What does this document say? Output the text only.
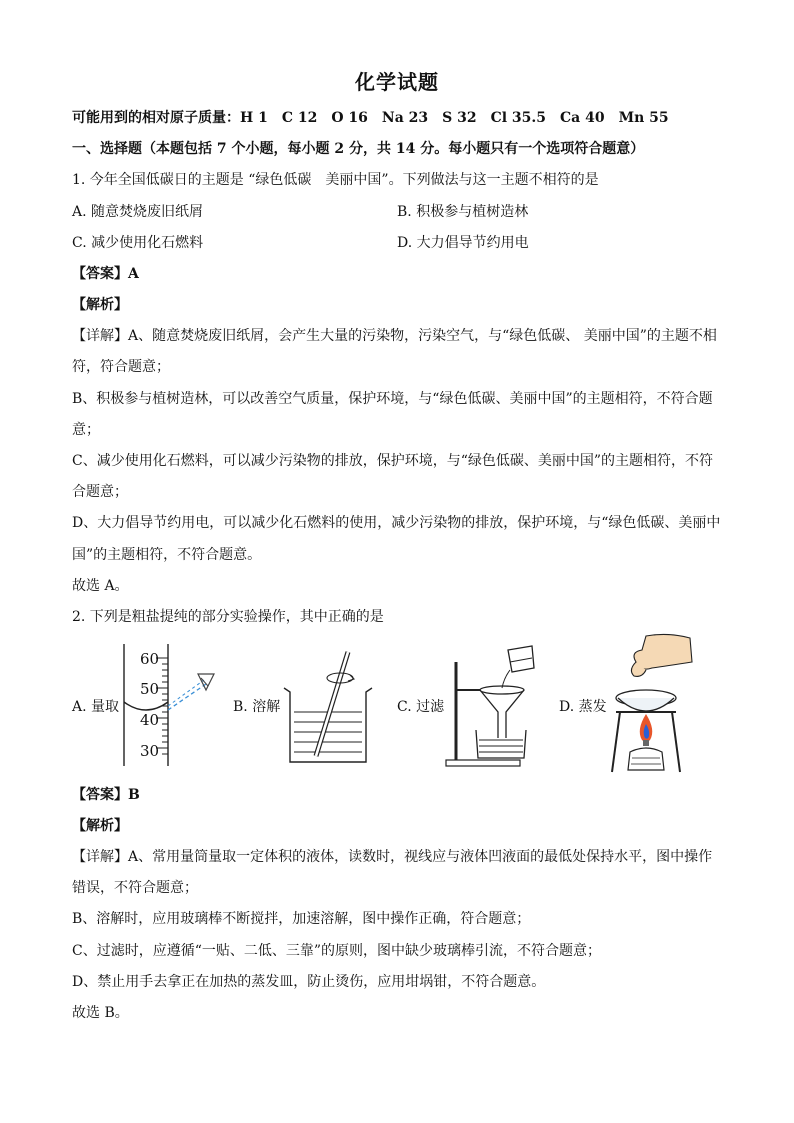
化学试题
可能用到的相对原子质量：H 1　C 12　O 16　Na 23　S 32　Cl 35.5　Ca 40　Mn 55
一、选择题（本题包括 7 个小题，每小题 2 分，共 14 分。每小题只有一个选项符合题意）
1. 今年全国低碳日的主题是 “绿色低碳　美丽中国”。下列做法与这一主题不相符的是
A. 随意焚烧废旧纸屑	B. 积极参与植树造林
C. 减少使用化石燃料	D. 大力倡导节约用电
【答案】A
【解析】
【详解】A、随意焚烧废旧纸屑，会产生大量的污染物，污染空气，与“绿色低碳、 美丽中国”的主题不相
符，符合题意；
B、积极参与植树造林，可以改善空气质量，保护环境，与“绿色低碳、美丽中国”的主题相符，不符合题
意；
C、减少使用化石燃料，可以减少污染物的排放，保护环境，与“绿色低碳、美丽中国”的主题相符，不符
合题意；
D、大力倡导节约用电，可以减少化石燃料的使用，减少污染物的排放，保护环境，与“绿色低碳、美丽中
国”的主题相符，不符合题意。
故选 A。
2. 下列是粗盐提纯的部分实验操作，其中正确的是
A. 量取
60
50
40
30
B. 溶解	C. 过滤	D. 蒸发
【答案】B
【解析】
【详解】A、常用量筒量取一定体积的液体，读数时，视线应与液体凹液面的最低处保持水平，图中操作
错误，不符合题意；
B、溶解时，应用玻璃棒不断搅拌，加速溶解，图中操作正确，符合题意；
C、过滤时，应遵循“一贴、二低、三靠”的原则，图中缺少玻璃棒引流，不符合题意；
D、禁止用手去拿正在加热的蒸发皿，防止烫伤，应用坩埚钳，不符合题意。
故选 B。
